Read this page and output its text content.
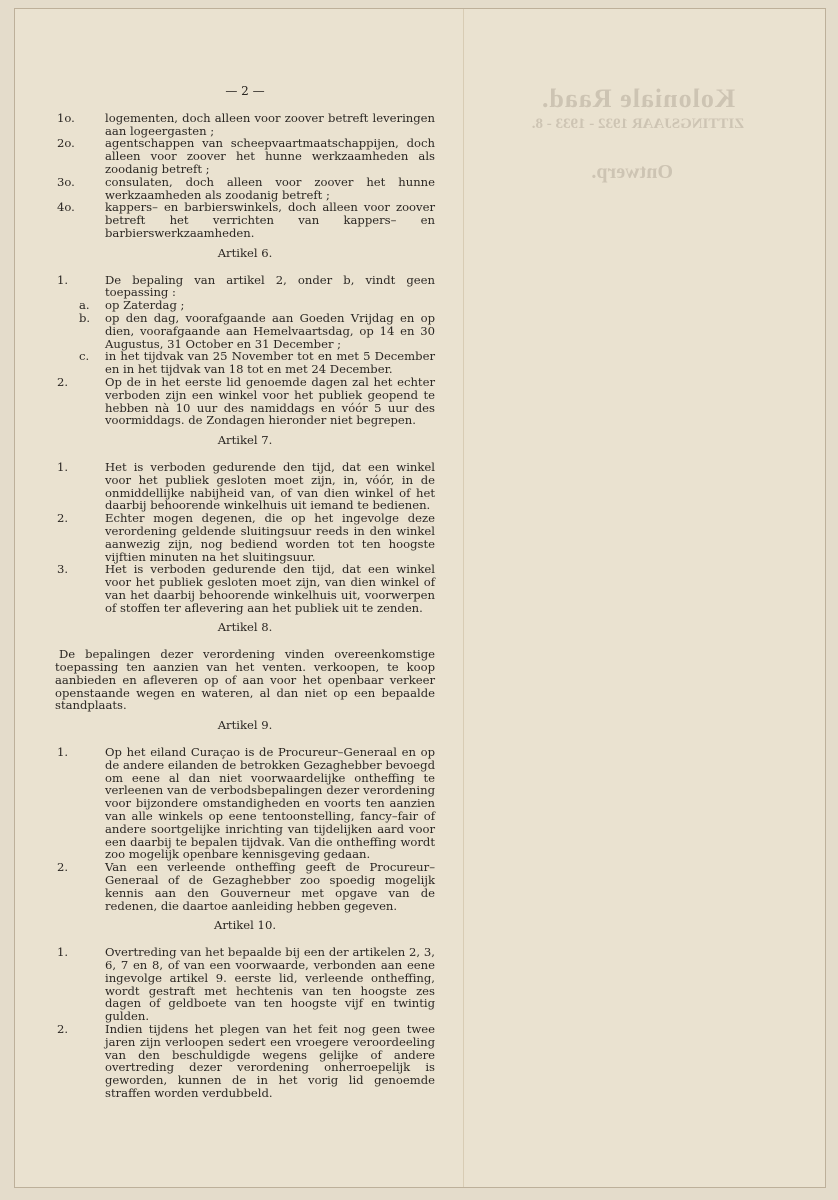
Koloniale Raad.
ZITTINGSJAAR 1932 - 1933 - 8.
Ontwerp.
— 2 —
1o.	logementen, doch alleen voor zoover betreft leveringen aan logeergasten ;
2o.	agentschappen van scheepvaartmaatschappijen, doch alleen voor zoover het hunne werkzaamheden als zoodanig betreft ;
3o.	consulaten, doch alleen voor zoover het hunne werkzaamheden als zoodanig betreft ;
4o.	kappers– en barbierswinkels, doch alleen voor zoover betreft het verrichten van kappers– en barbierswerkzaamheden.
Artikel 6.
1.	De bepaling van artikel 2, onder b, vindt geen toepassing :
a.	op Zaterdag ;
b.	op den dag, voorafgaande aan Goeden Vrijdag en op dien, voorafgaande aan Hemelvaartsdag, op 14 en 30 Augustus, 31 October en 31 December ;
c.	in het tijdvak van 25 November tot en met 5 December en in het tijdvak van 18 tot en met 24 December.
2.	Op de in het eerste lid genoemde dagen zal het echter verboden zijn een winkel voor het publiek geopend te hebben nà 10 uur des namiddags en vóór 5 uur des voormiddags. de Zondagen hieronder niet begrepen.
Artikel 7.
1.	Het is verboden gedurende den tijd, dat een winkel voor het publiek gesloten moet zijn, in, vóór, in de onmiddellijke nabijheid van, of van dien winkel of het daarbij behoorende winkelhuis uit iemand te bedienen.
2.	Echter mogen degenen, die op het ingevolge deze verordening geldende sluitingsuur reeds in den winkel aanwezig zijn, nog bediend worden tot ten hoogste vijftien minuten na het sluitingsuur.
3.	Het is verboden gedurende den tijd, dat een winkel voor het publiek gesloten moet zijn, van dien winkel of van het daarbij behoorende winkelhuis uit, voorwerpen of stoffen ter aflevering aan het publiek uit te zenden.
Artikel 8.

De bepalingen dezer verordening vinden overeenkomstige toepassing ten aanzien van het venten. verkoopen, te koop aanbieden en afleveren op of aan voor het openbaar verkeer openstaande wegen en wateren, al dan niet op een bepaalde standplaats.

Artikel 9.
1.	Op het eiland Curaçao is de Procureur–Generaal en op de andere eilanden de betrokken Gezaghebber bevoegd om eene al dan niet voorwaardelijke ontheffing te verleenen van de verbodsbepalingen dezer verordening voor bijzondere omstandigheden en voorts ten aanzien van alle winkels op eene tentoonstelling, fancy–fair of andere soortgelijke inrichting van tijdelijken aard voor een daarbij te bepalen tijdvak. Van die ontheffing wordt zoo mogelijk openbare kennisgeving gedaan.
2.	Van een verleende ontheffing geeft de Procureur–Generaal of de Gezaghebber zoo spoedig mogelijk kennis aan den Gouverneur met opgave van de redenen, die daartoe aanleiding hebben gegeven.
Artikel 10.
1.	Overtreding van het bepaalde bij een der artikelen 2, 3, 6, 7 en 8, of van een voorwaarde, verbonden aan eene ingevolge artikel 9. eerste lid, verleende ontheffing, wordt gestraft met hechtenis van ten hoogste zes dagen of geldboete van ten hoogste vijf en twintig gulden.
2.	Indien tijdens het plegen van het feit nog geen twee jaren zijn verloopen sedert een vroegere veroordeeling van den beschuldigde wegens gelijke of andere overtreding dezer verordening onherroepelijk is geworden, kunnen de in het vorig lid genoemde straffen worden verdubbeld.
